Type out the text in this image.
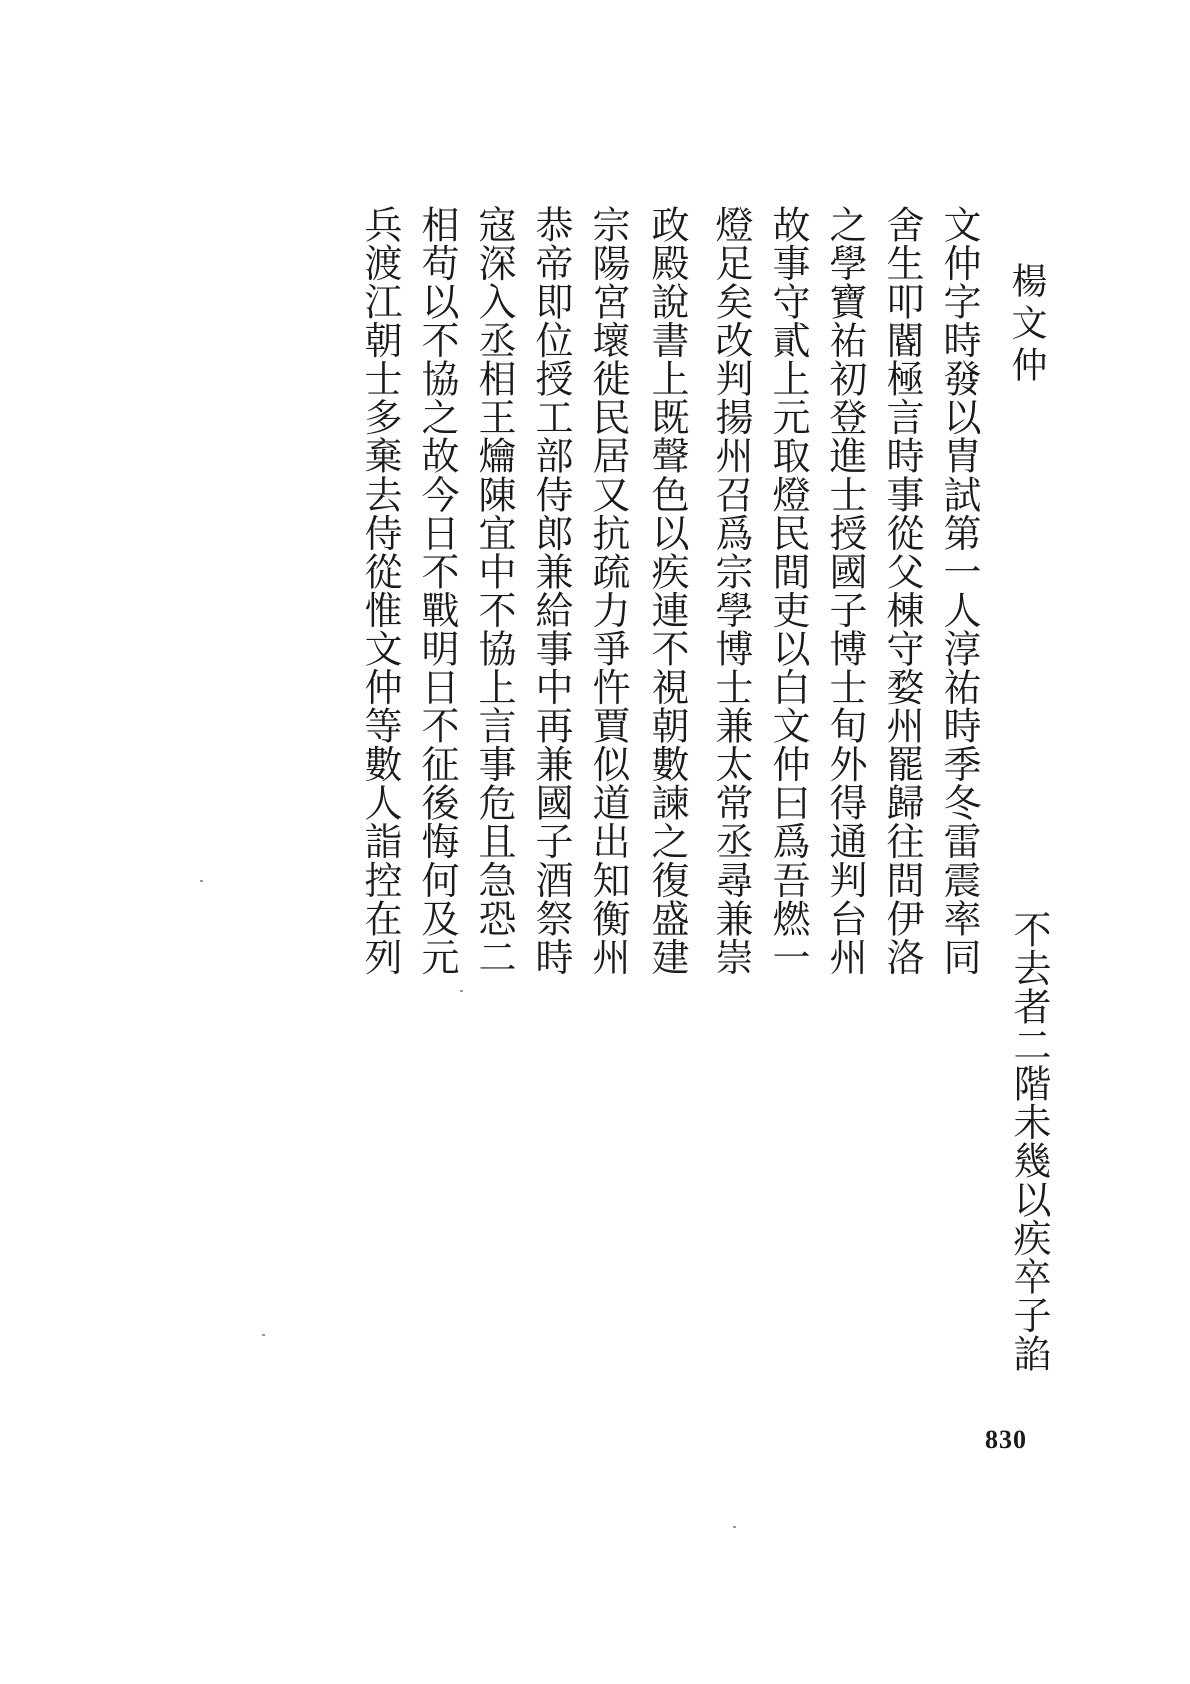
楊文仲
文仲字時發以胄試第一人淳祐時季冬雷震率同
舍生叩閽極言時事從父棟守婺州罷歸往問伊洛
之學寶祐初登進士授國子博士旬外得通判台州
故事守貳上元取燈民間吏以白文仲曰爲吾燃一
燈足矣改判揚州召爲宗學博士兼太常丞尋兼崇
政殿說書上既聲色以疾連不視朝數諫之復盛建
宗陽宮壞徙民居又抗疏力爭忤賈似道出知衡州
恭帝即位授工部侍郎兼給事中再兼國子酒祭時
寇深入丞相王爚陳宜中不協上言事危且急恐二
相苟以不協之故今日不戰明日不征後悔何及元
兵渡江朝士多棄去侍從惟文仲等數人詣控在列
不去者二階未幾以疾卒子諂
830
